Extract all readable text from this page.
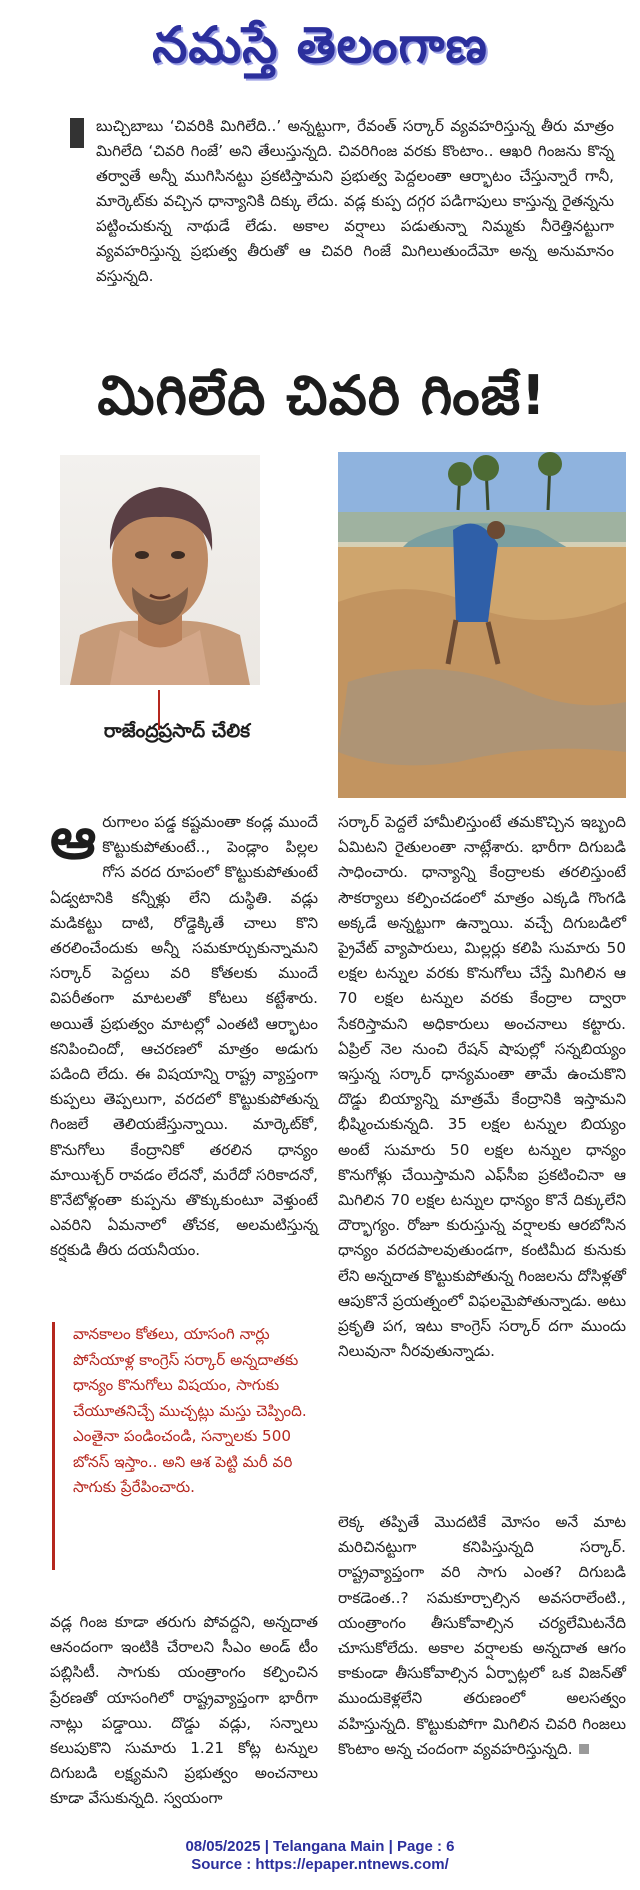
నమస్తే తెలంగాణ
బుచ్చిబాబు ‘చివరికి మిగిలేది..’ అన్నట్టుగా, రేవంత్ సర్కార్ వ్యవహరిస్తున్న తీరు మాత్రం మిగిలేది ‘చివరి గింజే’ అని తేలుస్తున్నది. చివరిగింజ వరకు కొంటాం.. ఆఖరి గింజను కొన్న తర్వాతే అన్నీ ముగిసినట్టు ప్రకటిస్తామని ప్రభుత్వ పెద్దలంతా ఆర్భాటం చేస్తున్నారే గానీ, మార్కెట్‌కు వచ్చిన ధాన్యానికి దిక్కు లేదు. వడ్ల కుప్ప దగ్గర పడిగాపులు కాస్తున్న రైతన్నను పట్టించుకున్న నాథుడే లేడు. అకాల వర్షాలు పడుతున్నా నిమ్మకు నీరెత్తినట్టుగా వ్యవహరిస్తున్న ప్రభుత్వ తీరుతో ఆ చివరి గింజే మిగిలుతుందేమో అన్న అనుమానం వస్తున్నది.
మిగిలేది చివరి గింజే!
రాజేంద్రప్రసాద్ చేలిక
ఆ రుగాలం పడ్డ కష్టమంతా కండ్ల ముందే కొట్టుకుపోతుంటే.., పెండ్లాం పిల్లల గోస వరద రూపంలో కొట్టుకుపోతుంటే ఏడ్వటానికి కన్నీళ్లు లేని దుస్థితి. వడ్లు మడికట్టు దాటి, రోడ్డెక్కితే చాలు కొని తరలించేందుకు అన్నీ సమకూర్చుకున్నామని సర్కార్ పెద్దలు వరి కోతలకు ముందే విపరీతంగా మాటలతో కోటలు కట్టేశారు. అయితే ప్రభుత్వం మాటల్లో ఎంతటి ఆర్భాటం కనిపించిందో, ఆచరణలో మాత్రం అడుగు పడింది లేదు. ఈ విషయాన్ని రాష్ట్ర వ్యాప్తంగా కుప్పలు తెప్పలుగా, వరదలో కొట్టుకుపోతున్న గింజలే తెలియజేస్తున్నాయి. మార్కెట్‌కో, కొనుగోలు కేంద్రానికో తరలిన ధాన్యం మాయిశ్చర్ రావడం లేదనో, మరేదో సరికాదనో, కొనేటోళ్లంతా కుప్పను తొక్కుకుంటూ వెళ్తుంటే ఎవరిని ఏమనాలో తోచక, అలమటిస్తున్న కర్షకుడి తీరు దయనీయం.

వానకాలం కోతలు, యాసంగి నార్లు పోసేయాళ్ల కాంగ్రెస్ సర్కార్ అన్నదాతకు ధాన్యం కొనుగోలు విషయం, సాగుకు చేయూతనిచ్చే ముచ్చట్లు మస్తు చెప్పింది. ఎంతైనా పండించండి, సన్నాలకు 500 బోనస్ ఇస్తాం.. అని ఆశ పెట్టి మరీ వరి సాగుకు ప్రేరేపించారు.

వడ్ల గింజ కూడా తరుగు పోవద్దని, అన్నదాత ఆనందంగా ఇంటికి చేరాలని సీఎం అండ్ టీం పబ్లిసిటీ. సాగుకు యంత్రాంగం కల్పించిన ప్రేరణతో యాసంగిలో రాష్ట్రవ్యాప్తంగా భారీగా నాట్లు పడ్డాయి. దొడ్డు వడ్లు, సన్నాలు కలుపుకొని సుమారు 1.21 కోట్ల టన్నుల దిగుబడి లక్ష్యమని ప్రభుత్వం అంచనాలు కూడా వేసుకున్నది. స్వయంగా

సర్కార్ పెద్దలే హామీలిస్తుంటే తమకొచ్చిన ఇబ్బంది ఏమిటని రైతులంతా నాట్లేశారు. భారీగా దిగుబడి సాధించారు. ధాన్యాన్ని కేంద్రాలకు తరలిస్తుంటే సౌకర్యాలు కల్పించడంలో మాత్రం ఎక్కడి గొంగడి అక్కడే అన్నట్టుగా ఉన్నాయి. వచ్చే దిగుబడిలో ప్రైవేట్ వ్యాపారులు, మిల్లర్లు కలిపి సుమారు 50 లక్షల టన్నుల వరకు కొనుగోలు చేస్తే మిగిలిన ఆ 70 లక్షల టన్నుల వరకు కేంద్రాల ద్వారా సేకరిస్తామని అధికారులు అంచనాలు కట్టారు. ఏప్రిల్ నెల నుంచి రేషన్ షాపుల్లో సన్నబియ్యం ఇస్తున్న సర్కార్ ధాన్యమంతా తామే ఉంచుకొని దొడ్డు బియ్యాన్ని మాత్రమే కేంద్రానికి ఇస్తామని భీష్మించుకున్నది. 35 లక్షల టన్నుల బియ్యం అంటే సుమారు 50 లక్షల టన్నుల ధాన్యం కొనుగోళ్లు చేయిస్తామని ఎఫ్‌సీఐ ప్రకటించినా ఆ మిగిలిన 70 లక్షల టన్నుల ధాన్యం కొనే దిక్కులేని దౌర్భాగ్యం. రోజూ కురుస్తున్న వర్షాలకు ఆరబోసిన ధాన్యం వరదపాలవుతుండగా, కంటిమీద కునుకు లేని అన్నదాత కొట్టుకుపోతున్న గింజలను దోసిళ్లతో ఆపుకొనే ప్రయత్నంలో విఫలమైపోతున్నాడు. అటు ప్రకృతి పగ, ఇటు కాంగ్రెస్ సర్కార్ దగా ముందు నిలువునా నీరవుతున్నాడు.

లెక్క తప్పితే మొదటికే మోసం అనే మాట మరిచినట్టుగా కనిపిస్తున్నది సర్కార్. రాష్ట్రవ్యాప్తంగా వరి సాగు ఎంత? దిగుబడి రాకడెంత..? సమకూర్చాల్సిన అవసరాలేంటి., యంత్రాంగం తీసుకోవాల్సిన చర్యలేమిటనేది చూసుకోలేదు. అకాల వర్షాలకు అన్నదాత ఆగం కాకుండా తీసుకోవాల్సిన ఏర్పాట్లలో ఒక విజన్‌తో ముందుకెళ్లలేని తరుణంలో అలసత్వం వహిస్తున్నది. కొట్టుకుపోగా మిగిలిన చివరి గింజలు కొంటాం అన్న చందంగా వ్యవహరిస్తున్నది.

08/05/2025 | Telangana Main | Page : 6
Source : https://epaper.ntnews.com/
